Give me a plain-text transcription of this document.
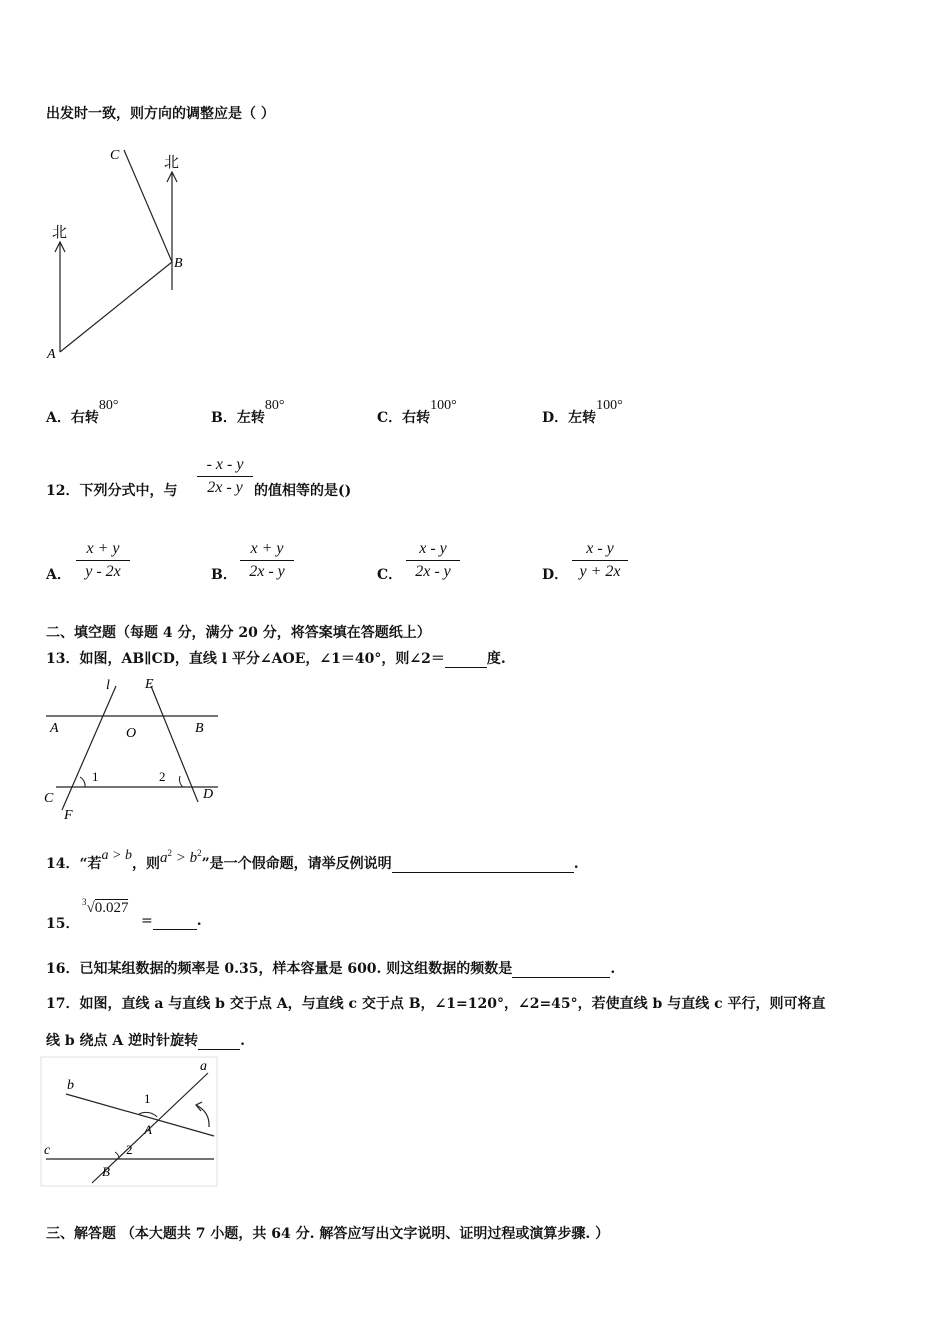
出发时一致，则方向的调整应是（ ）
北
北
A
B
C
A．右转80°
B．左转80°
C．右转100°
D．左转100°
12．下列分式中，与 $\frac{- x - y}{2x - y}$ 的值相等的是()
A． $\frac{x + y}{y - 2x}$	B． $\frac{x + y}{2x - y}$	C． $\frac{x - y}{2x - y}$	D． $\frac{x - y}{y + 2x}$
二、填空题（每题 4 分，满分 20 分，将答案填在答题纸上）
13．如图，AB∥CD，直线 l 平分∠AOE，∠1＝40°，则∠2＝	度.
l	E
A	B
O
C	D
F
1	2
14．“若a > b，则$a^2 > b^2$”是一个假命题，请举反例说明	.
15．
$^3$√0.027
=	.
16．已知某组数据的频率是 0.35，样本容量是 600. 则这组数据的频数是	.
17．如图，直线 a 与直线 b 交于点 A，与直线 c 交于点 B，∠1=120°，∠2=45°，若使直线 b 与直线 c 平行，则可将直
线 b 绕点 A 逆时针旋转	.
a
b
c
1
2
A
B
三、解答题 （本大题共 7 小题，共 64 分. 解答应写出文字说明、证明过程或演算步骤. ）
